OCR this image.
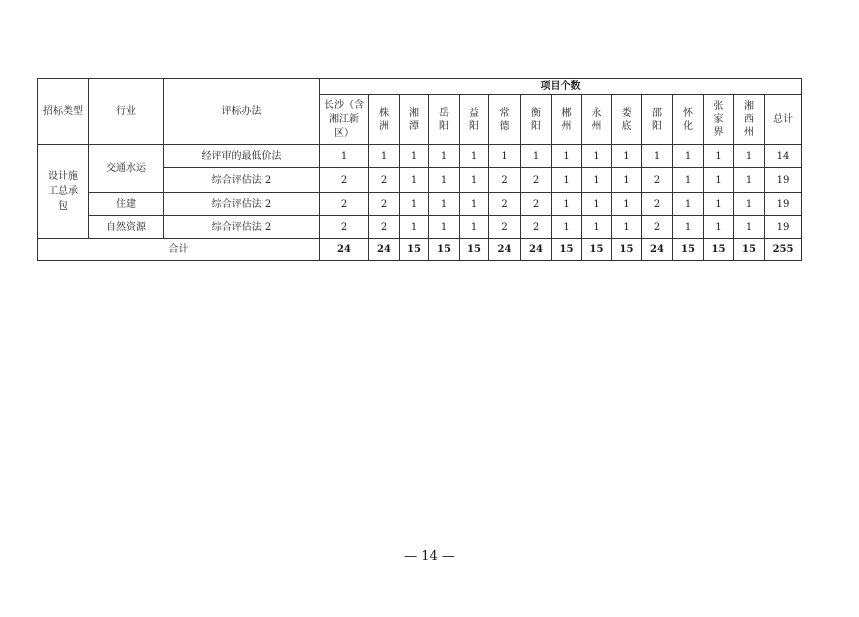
招标类型	行业	评标办法	项目个数														
			长沙（含湘江新区）	株洲	湘潭	岳阳	益阳	常德	衡阳	郴州	永州	娄底	邵阳	怀化	张家界	湘西州	总计
设计施工总承包	交通水运	经评审的最低价法	1	1	1	1	1	1	1	1	1	1	1	1	1	1	14
		综合评估法 2	2	2	1	1	1	2	2	1	1	1	2	1	1	1	19
	住建	综合评估法 2	2	2	1	1	1	2	2	1	1	1	2	1	1	1	19
	自然资源	综合评估法 2	2	2	1	1	1	2	2	1	1	1	2	1	1	1	19
合计			24	24	15	15	15	24	24	15	15	15	24	15	15	15	255
— 14 —
